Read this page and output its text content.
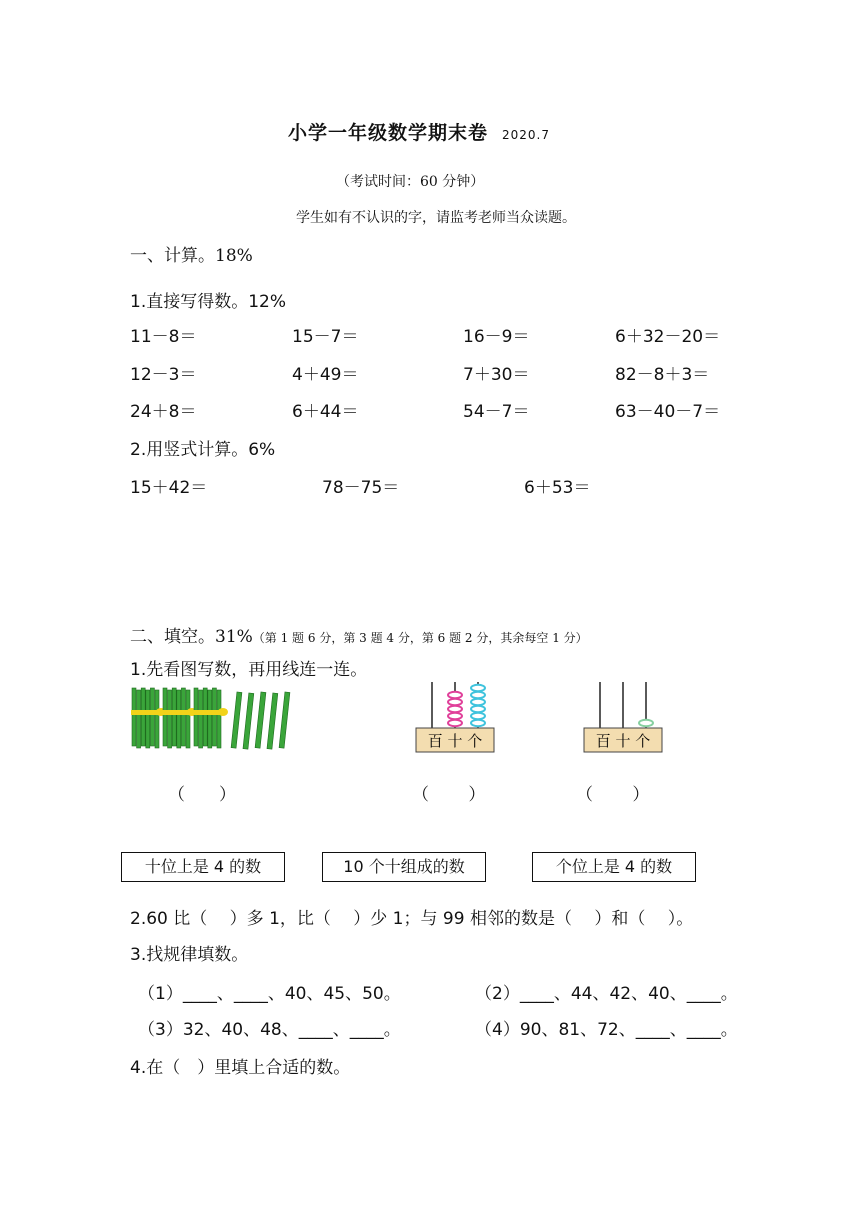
小学一年级数学期末卷 2020.7
（考试时间：60 分钟）
学生如有不认识的字，请监考老师当众读题。
一、计算。18%
1.直接写得数。12%
11－8＝	15－7＝	16－9＝	6＋32－20＝
12－3＝	4＋49＝	7＋30＝	82－8＋3＝
24＋8＝	6＋44＝	54－7＝	63－40－7＝
2.用竖式计算。6%
15＋42＝	78－75＝	6＋53＝
二、填空。31%（第 1 题 6 分，第 3 题 4 分，第 6 题 2 分，其余每空 1 分）
1.先看图写数，再用线连一连。
百 十 个	百 十 个
（　　）	（　　 ）	（　　 ）
十位上是 4 的数	10 个十组成的数	个位上是 4 的数
2.60 比（　 ）多 1，比（　 ）少 1；与 99 相邻的数是（　 ）和（　 ）。
3.找规律填数。
（1）____、____、40、45、50。	（2）____、44、42、40、____。
（3）32、40、48、____、____。	（4）90、81、72、____、____。
4.在（　）里填上合适的数。
